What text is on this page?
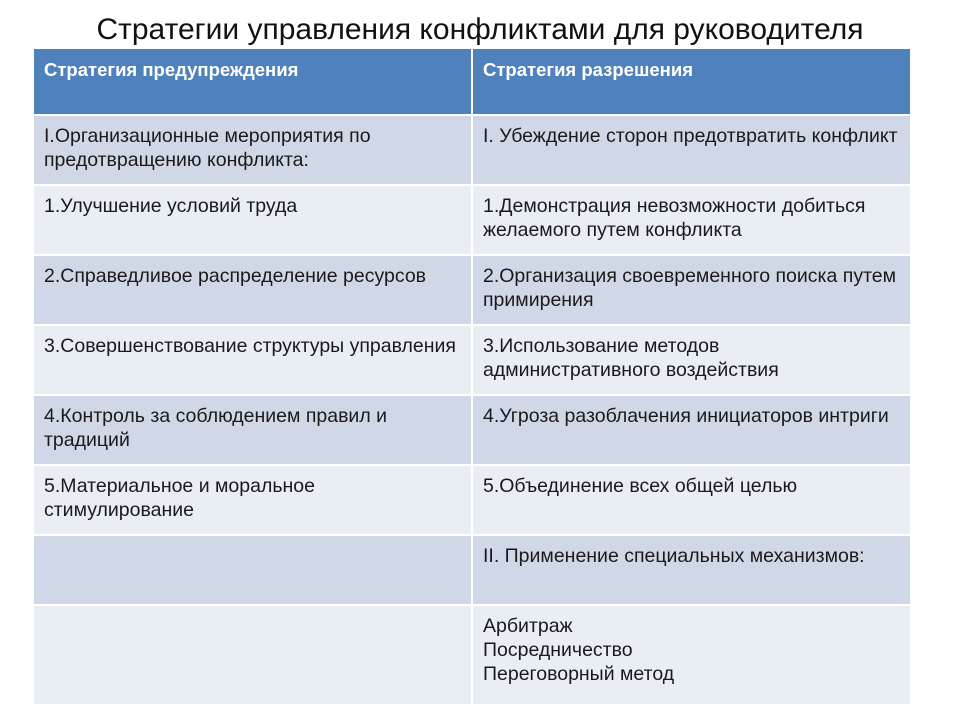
Стратегии управления конфликтами для руководителя
Стратегия предупреждения	Стратегия разрешения
I.Организационные мероприятия по предотвращению конфликта:	I. Убеждение сторон предотвратить конфликт
1.Улучшение условий труда	1.Демонстрация невозможности добиться желаемого путем конфликта
2.Справедливое распределение ресурсов	2.Организация своевременного поиска путем примирения
3.Совершенствование структуры управления	3.Использование методов административного воздействия
4.Контроль за соблюдением правил и традиций	4.Угроза разоблачения инициаторов интриги
5.Материальное и моральное стимулирование	5.Объединение всех общей целью
	II. Применение специальных механизмов:

	Арбитраж
Посредничество
Переговорный метод
